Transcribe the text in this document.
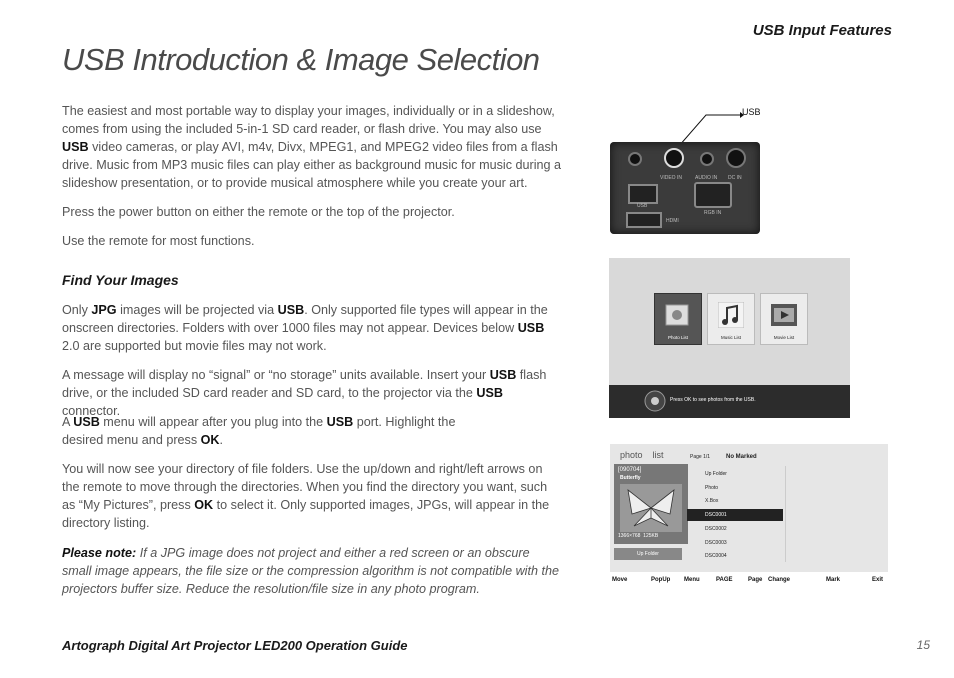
USB Input Features
USB Introduction & Image Selection

The easiest and most portable way to display your images, individually or in a slideshow, comes from using the included 5-in-1 SD card reader, or flash drive. You may also use USB video cameras, or play AVI, m4v, Divx, MPEG1, and MPEG2 video files from a flash drive. Music from MP3 music files can play either as background music for music during a slideshow presentation, or to provide musical atmosphere while you create your art.

Press the power button on either the remote or the top of the projector.
Use the remote for most functions.
Find Your Images

Only JPG images will be projected via USB. Only supported file types will appear in the onscreen directories. Folders with over 1000 files may not appear. Devices below USB 2.0 are supported but movie files may not work.

A message will display no “signal” or “no storage” units available. Insert your USB flash drive, or the included SD card reader and SD card, to the projector via the USB connector.

A USB menu will appear after you plug into the USB port. Highlight the desired menu and press OK.

You will now see your directory of file folders. Use the up/down and right/left arrows on the remote to move through the directories. When you find the directory you want, such as “My Pictures”, press OK to select it. Only supported images, JPGs, will appear in the directory listing.

Please note: If a JPG image does not project and either a red screen or an obscure small image appears, the file size or the compression algorithm is not compatible with the projectors buffer size. Reduce the resolution/file size in any photo program.
Artograph Digital Art Projector LED200 Operation Guide	15
USB
VIDEO IN	AUDIO IN DC IN
USB
RGB IN
HDMI
Photo List	Music List	Movie List
Press OK to see photos from the USB.
photo list	Page 1/1	No Marked
[090704]
Butterfly
1366×768 125KB
Up Folder
Up Folder
Photo
X.Box
DSC0001
DSC0002
DSC0003
DSC0004
Move	PopUp Menu	PAGE	Page Change	Mark	Exit
